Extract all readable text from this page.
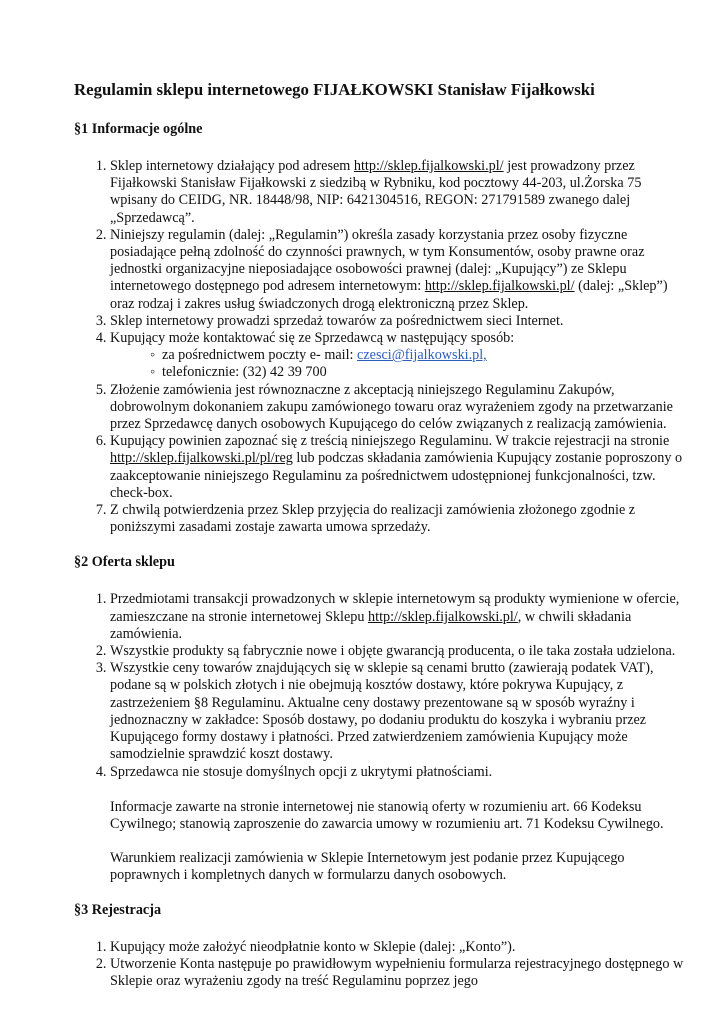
Regulamin sklepu internetowego FIJAŁKOWSKI Stanisław Fijałkowski
§1 Informacje ogólne
1. Sklep internetowy działający pod adresem http://sklep.fijalkowski.pl/ jest prowadzony przez Fijałkowski Stanisław Fijałkowski z siedzibą w Rybniku, kod pocztowy 44-203, ul.Żorska 75 wpisany do CEIDG, NR. 18448/98, NIP: 6421304516, REGON: 271791589 zwanego dalej „Sprzedawcą”.
2. Niniejszy regulamin (dalej: „Regulamin”) określa zasady korzystania przez osoby fizyczne posiadające pełną zdolność do czynności prawnych, w tym Konsumentów, osoby prawne oraz jednostki organizacyjne nieposiadające osobowości prawnej (dalej: „Kupujący”) ze Sklepu internetowego dostępnego pod adresem internetowym: http://sklep.fijalkowski.pl/ (dalej: „Sklep”) oraz rodzaj i zakres usług świadczonych drogą elektroniczną przez Sklep.
3. Sklep internetowy prowadzi sprzedaż towarów za pośrednictwem sieci Internet.
4. Kupujący może kontaktować się ze Sprzedawcą w następujący sposób:
◦ za pośrednictwem poczty e- mail: czesci@fijalkowski.pl,
◦ telefonicznie: (32) 42 39 700
5. Złożenie zamówienia jest równoznaczne z akceptacją niniejszego Regulaminu Zakupów, dobrowolnym dokonaniem zakupu zamówionego towaru oraz wyrażeniem zgody na przetwarzanie przez Sprzedawcę danych osobowych Kupującego do celów związanych z realizacją zamówienia.
6. Kupujący powinien zapoznać się z treścią niniejszego Regulaminu. W trakcie rejestracji na stronie http://sklep.fijalkowski.pl/pl/reg lub podczas składania zamówienia Kupujący zostanie poproszony o zaakceptowanie niniejszego Regulaminu za pośrednictwem udostępnionej funkcjonalności, tzw. check-box.
7. Z chwilą potwierdzenia przez Sklep przyjęcia do realizacji zamówienia złożonego zgodnie z poniższymi zasadami zostaje zawarta umowa sprzedaży.
§2 Oferta sklepu
1. Przedmiotami transakcji prowadzonych w sklepie internetowym są produkty wymienione w ofercie, zamieszczane na stronie internetowej Sklepu http://sklep.fijalkowski.pl/, w chwili składania zamówienia.
2. Wszystkie produkty są fabrycznie nowe i objęte gwarancją producenta, o ile taka została udzielona.
3. Wszystkie ceny towarów znajdujących się w sklepie są cenami brutto (zawierają podatek VAT), podane są w polskich złotych i nie obejmują kosztów dostawy, które pokrywa Kupujący, z zastrzeżeniem §8 Regulaminu. Aktualne ceny dostawy prezentowane są w sposób wyraźny i jednoznaczny w zakładce: Sposób dostawy, po dodaniu produktu do koszyka i wybraniu przez Kupującego formy dostawy i płatności. Przed zatwierdzeniem zamówienia Kupujący może samodzielnie sprawdzić koszt dostawy.
4. Sprzedawca nie stosuje domyślnych opcji z ukrytymi płatnościami.

Informacje zawarte na stronie internetowej nie stanowią oferty w rozumieniu art. 66 Kodeksu Cywilnego; stanowią zaproszenie do zawarcia umowy w rozumieniu art. 71 Kodeksu Cywilnego.

Warunkiem realizacji zamówienia w Sklepie Internetowym jest podanie przez Kupującego poprawnych i kompletnych danych w formularzu danych osobowych.

§3 Rejestracja
1. Kupujący może założyć nieodpłatnie konto w Sklepie (dalej: „Konto”).
2. Utworzenie Konta następuje po prawidłowym wypełnieniu formularza rejestracyjnego dostępnego w Sklepie oraz wyrażeniu zgody na treść Regulaminu poprzez jego
